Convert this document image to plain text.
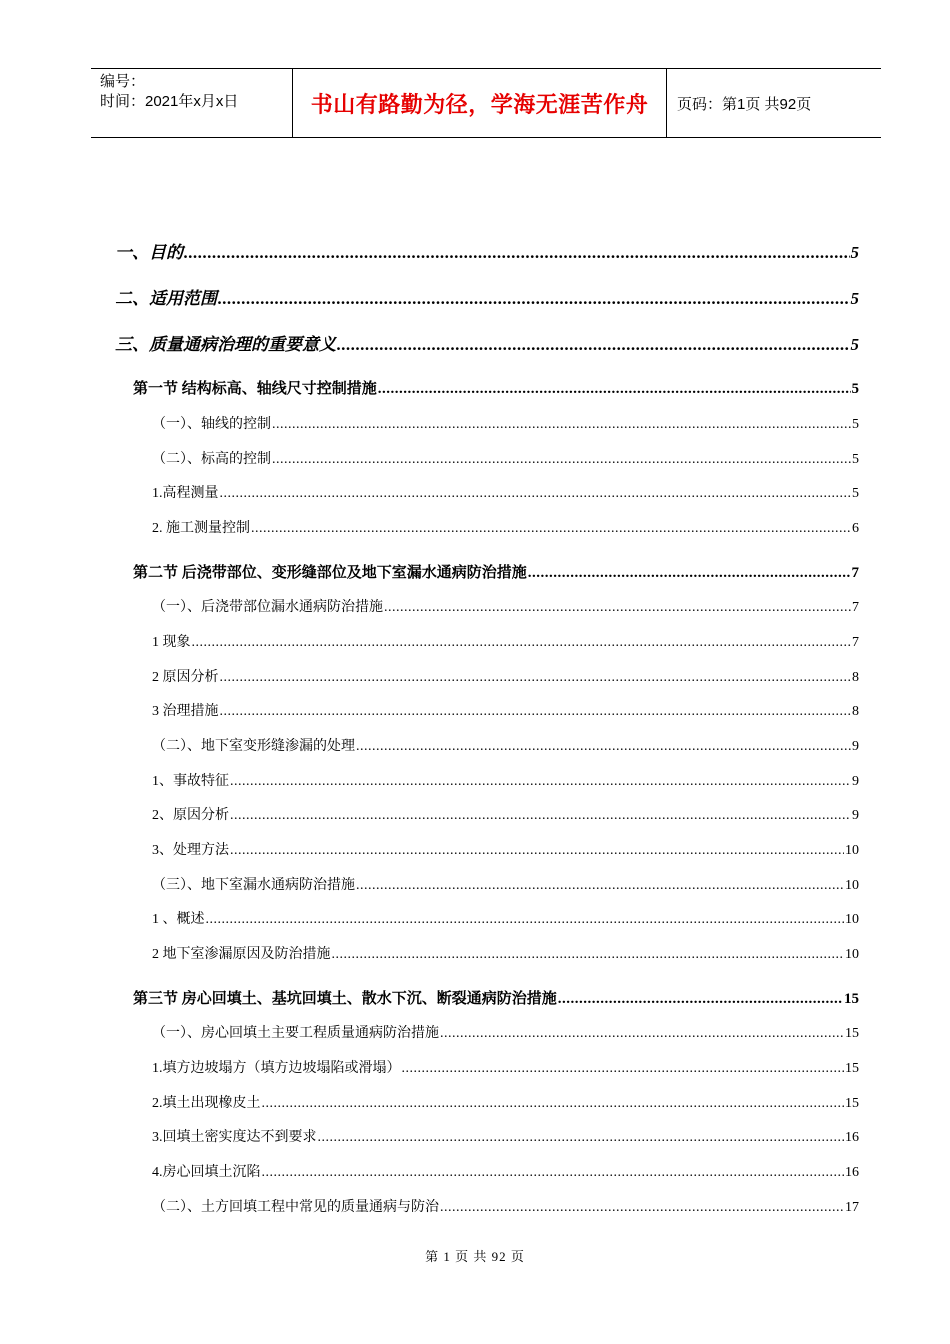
编号：
时间：2021年x月x日	书山有路勤为径，学海无涯苦作舟	页码：第1页 共92页
一、目的 .....	5
二、适用范围 .....	5
三、质量通病治理的重要意义 .....	5
第一节 结构标高、轴线尺寸控制措施 .....	5
（一）、轴线的控制 .....	5
（二）、标高的控制 .....	5
1.高程测量 .....	5
2. 施工测量控制 .....	6
第二节 后浇带部位、变形缝部位及地下室漏水通病防治措施 .....	7
（一）、后浇带部位漏水通病防治措施 .....	7
1 现象 .....	7
2 原因分析 .....	8
3 治理措施 .....	8
（二）、地下室变形缝渗漏的处理 .....	9
1、事故特征 .....	9
2、原因分析 .....	9
3、处理方法 .....	10
（三）、地下室漏水通病防治措施 .....	10
1 、概述 .....	10
2 地下室渗漏原因及防治措施 .....	10
第三节 房心回填土、基坑回填土、散水下沉、断裂通病防治措施 .....	15
（一）、房心回填土主要工程质量通病防治措施 .....	15
1.填方边坡塌方（填方边坡塌陷或滑塌） .....	15
2.填土出现橡皮土 .....	15
3.回填土密实度达不到要求 .....	16
4.房心回填土沉陷 .....	16
（二）、土方回填工程中常见的质量通病与防治 .....	17
第 1 页 共 92 页
